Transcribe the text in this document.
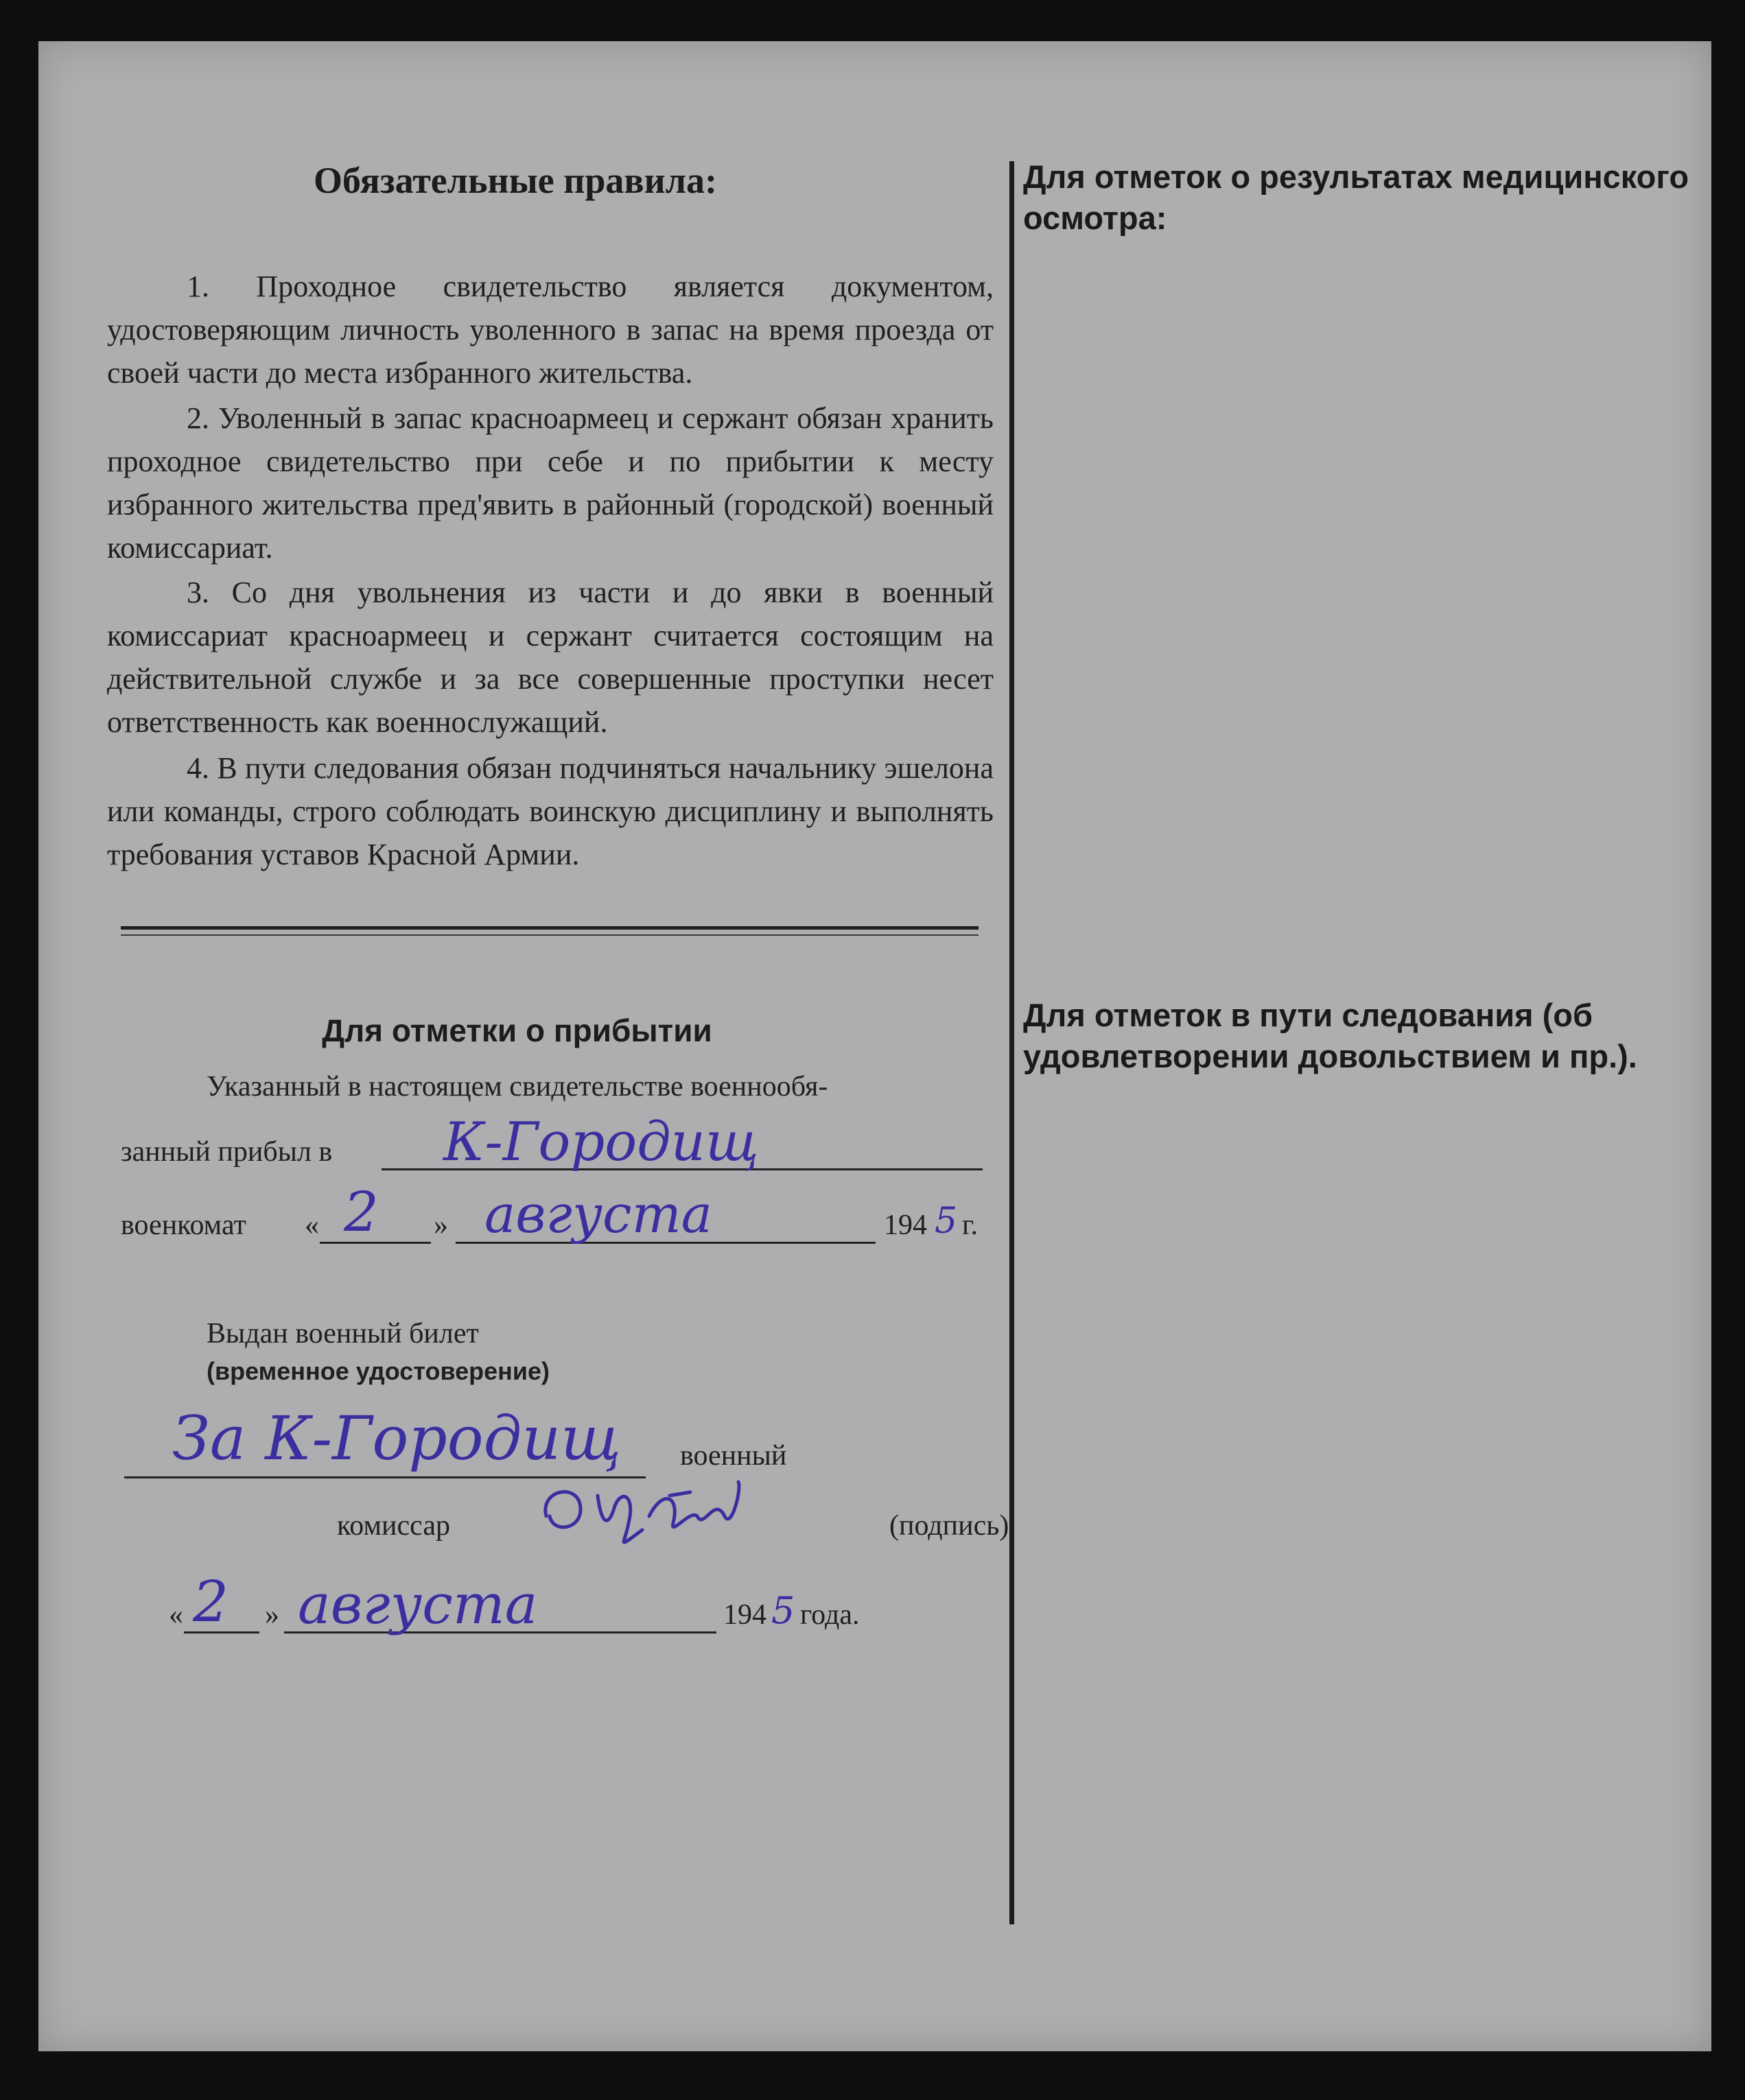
Обязательные правила:

1. Проходное свидетельство является документом, удостоверяющим личность уволенного в запас на время проезда от своей части до места избранного жительства.

2. Уволенный в запас красноармеец и сержант обязан хранить проходное свидетельство при себе и по прибытии к месту избранного жительства пред'явить в районный (городской) военный комиссариат.

3. Со дня увольнения из части и до явки в военный комиссариат красноармеец и сержант считается состоящим на действительной службе и за все совершенные проступки несет ответственность как военнослужащий.

4. В пути следования обязан подчиняться начальнику эшелона или команды, строго соблюдать воинскую дисциплину и выполнять требования уставов Красной Армии.

Для отметки о прибытии
Указанный в настоящем свидетельстве военнообя-
занный прибыл в К-Городищ
военкомат « 2 » августа	194 5 г.
Выдан военный билет
(временное удостоверение)
За К-Городищ военный
комиссар	(подпись)
« 2 » августа	194 5 года.

Для отметок о результатах медицинского осмотра:

Для отметок в пути следования (об удовлетворении довольствием и пр.).
